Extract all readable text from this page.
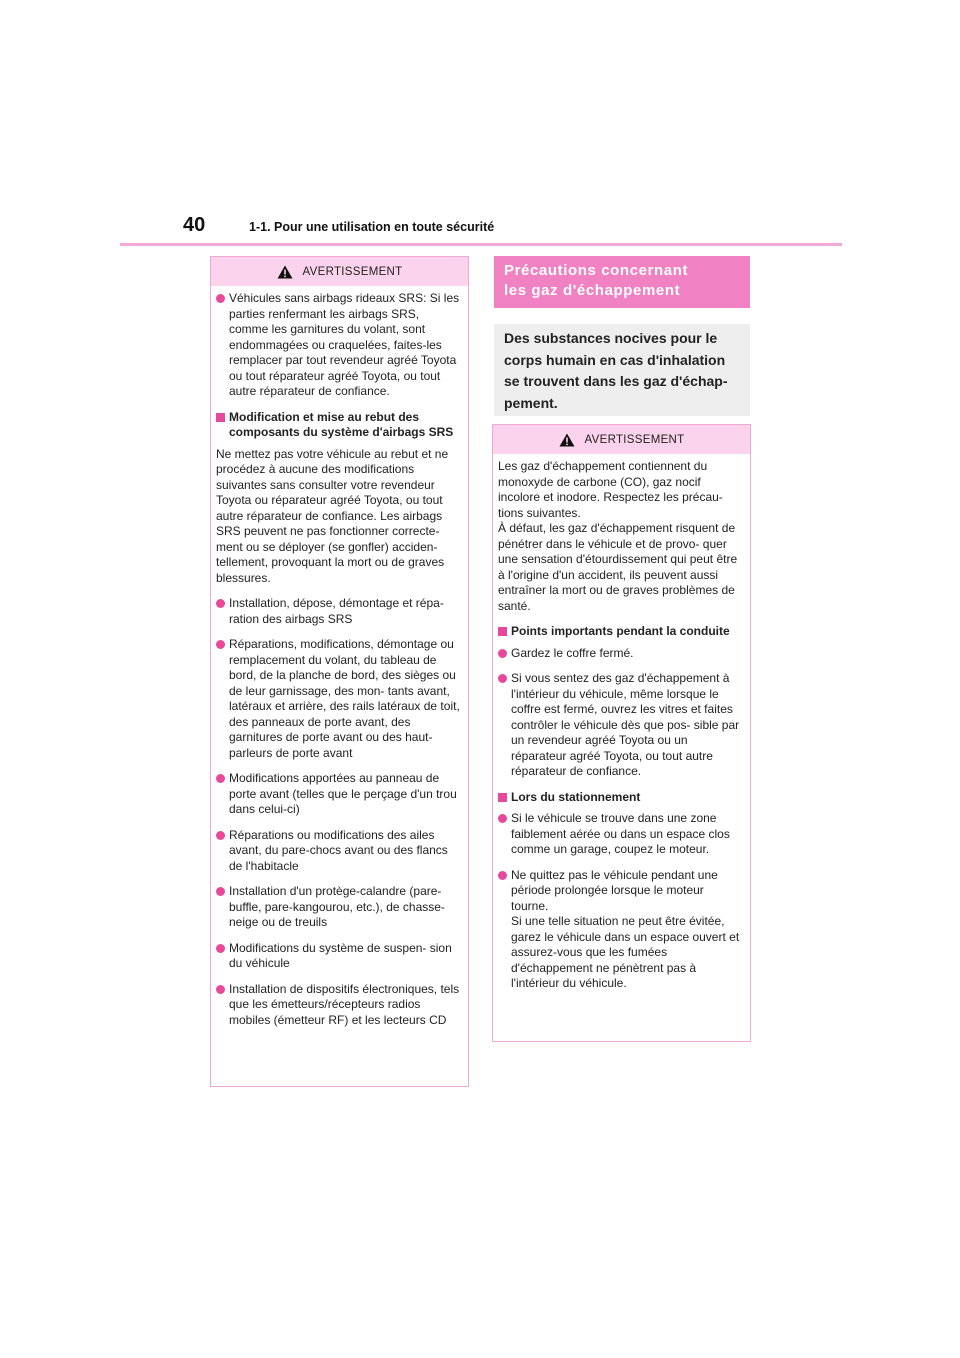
40	1-1. Pour une utilisation en toute sécurité
AVERTISSEMENT
Véhicules sans airbags rideaux SRS: Si les parties renfermant les airbags SRS, comme les garnitures du volant, sont endommagées ou craquelées, faites-les remplacer par tout revendeur agréé Toyota ou tout réparateur agréé Toyota, ou tout autre réparateur de confiance.
Modification et mise au rebut des composants du système d'airbags SRS
Ne mettez pas votre véhicule au rebut et ne procédez à aucune des modifications suivantes sans consulter votre revendeur Toyota ou réparateur agréé Toyota, ou tout autre réparateur de confiance. Les airbags SRS peuvent ne pas fonctionner correcte- ment ou se déployer (se gonfler) acciden- tellement, provoquant la mort ou de graves blessures.
Installation, dépose, démontage et répa- ration des airbags SRS
Réparations, modifications, démontage ou remplacement du volant, du tableau de bord, de la planche de bord, des sièges ou de leur garnissage, des mon- tants avant, latéraux et arrière, des rails latéraux de toit, des panneaux de porte avant, des garnitures de porte avant ou des haut-parleurs de porte avant
Modifications apportées au panneau de porte avant (telles que le perçage d'un trou dans celui-ci)
Réparations ou modifications des ailes avant, du pare-chocs avant ou des flancs de l'habitacle
Installation d'un protège-calandre (pare-buffle, pare-kangourou, etc.), de chasse-neige ou de treuils
Modifications du système de suspen- sion du véhicule
Installation de dispositifs électroniques, tels que les émetteurs/récepteurs radios mobiles (émetteur RF) et les lecteurs CD
Précautions concernant
les gaz d'échappement
Des substances nocives pour le corps humain en cas d'inhalation se trouvent dans les gaz d'échap- pement.
AVERTISSEMENT
Les gaz d'échappement contiennent du monoxyde de carbone (CO), gaz nocif incolore et inodore. Respectez les précau- tions suivantes.
À défaut, les gaz d'échappement risquent de pénétrer dans le véhicule et de provo- quer une sensation d'étourdissement qui peut être à l'origine d'un accident, ils peuvent aussi entraîner la mort ou de graves problèmes de santé.
Points importants pendant la conduite
Gardez le coffre fermé.
Si vous sentez des gaz d'échappement à l'intérieur du véhicule, même lorsque le coffre est fermé, ouvrez les vitres et faites contrôler le véhicule dès que pos- sible par un revendeur agréé Toyota ou un réparateur agréé Toyota, ou tout autre réparateur de confiance.
Lors du stationnement
Si le véhicule se trouve dans une zone faiblement aérée ou dans un espace clos comme un garage, coupez le moteur.
Ne quittez pas le véhicule pendant une période prolongée lorsque le moteur tourne.
Si une telle situation ne peut être évitée, garez le véhicule dans un espace ouvert et assurez-vous que les fumées d'échappement ne pénètrent pas à l'intérieur du véhicule.
